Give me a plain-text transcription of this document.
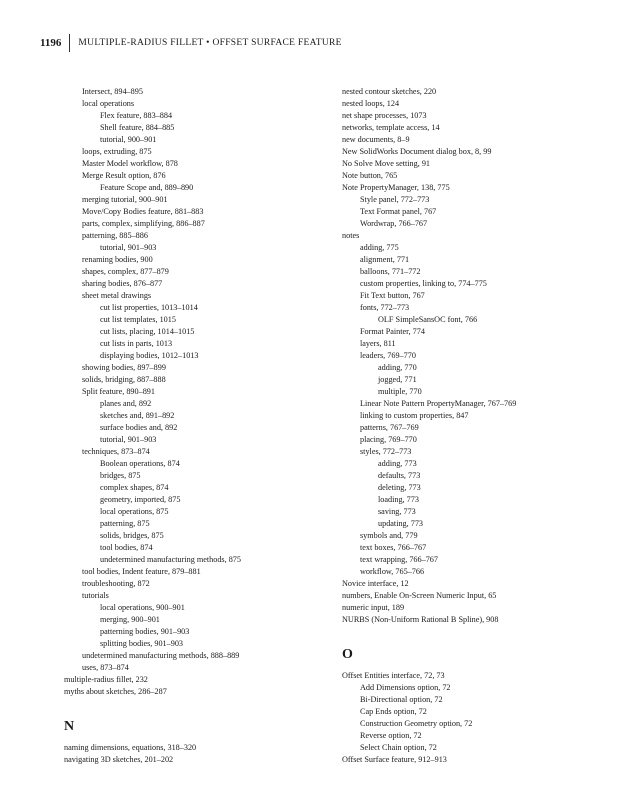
1196	MULTIPLE-RADIUS FILLET • OFFSET SURFACE FEATURE
Intersect, 894–895
local operations
Flex feature, 883–884
Shell feature, 884–885
tutorial, 900–901
loops, extruding, 875
Master Model workflow, 878
Merge Result option, 876
Feature Scope and, 889–890
merging tutorial, 900–901
Move/Copy Bodies feature, 881–883
parts, complex, simplifying, 886–887
patterning, 885–886
tutorial, 901–903
renaming bodies, 900
shapes, complex, 877–879
sharing bodies, 876–877
sheet metal drawings
cut list properties, 1013–1014
cut list templates, 1015
cut lists, placing, 1014–1015
cut lists in parts, 1013
displaying bodies, 1012–1013
showing bodies, 897–899
solids, bridging, 887–888
Split feature, 890–891
planes and, 892
sketches and, 891–892
surface bodies and, 892
tutorial, 901–903
techniques, 873–874
Boolean operations, 874
bridges, 875
complex shapes, 874
geometry, imported, 875
local operations, 875
patterning, 875
solids, bridges, 875
tool bodies, 874
undetermined manufacturing methods, 875
tool bodies, Indent feature, 879–881
troubleshooting, 872
tutorials
local operations, 900–901
merging, 900–901
patterning bodies, 901–903
splitting bodies, 901–903
undetermined manufacturing methods, 888–889
uses, 873–874
multiple-radius fillet, 232
myths about sketches, 286–287
N
naming dimensions, equations, 318–320
navigating 3D sketches, 201–202
nested contour sketches, 220
nested loops, 124
net shape processes, 1073
networks, template access, 14
new documents, 8–9
New SolidWorks Document dialog box, 8, 99
No Solve Move setting, 91
Note button, 765
Note PropertyManager, 138, 775
Style panel, 772–773
Text Format panel, 767
Wordwrap, 766–767
notes
adding, 775
alignment, 771
balloons, 771–772
custom properties, linking to, 774–775
Fit Text button, 767
fonts, 772–773
OLF SimpleSansOC font, 766
Format Painter, 774
layers, 811
leaders, 769–770
adding, 770
jogged, 771
multiple, 770
Linear Note Pattern PropertyManager, 767–769
linking to custom properties, 847
patterns, 767–769
placing, 769–770
styles, 772–773
adding, 773
defaults, 773
deleting, 773
loading, 773
saving, 773
updating, 773
symbols and, 779
text boxes, 766–767
text wrapping, 766–767
workflow, 765–766
Novice interface, 12
numbers, Enable On-Screen Numeric Input, 65
numeric input, 189
NURBS (Non-Uniform Rational B Spline), 908
O
Offset Entities interface, 72, 73
Add Dimensions option, 72
Bi-Directional option, 72
Cap Ends option, 72
Construction Geometry option, 72
Reverse option, 72
Select Chain option, 72
Offset Surface feature, 912–913
